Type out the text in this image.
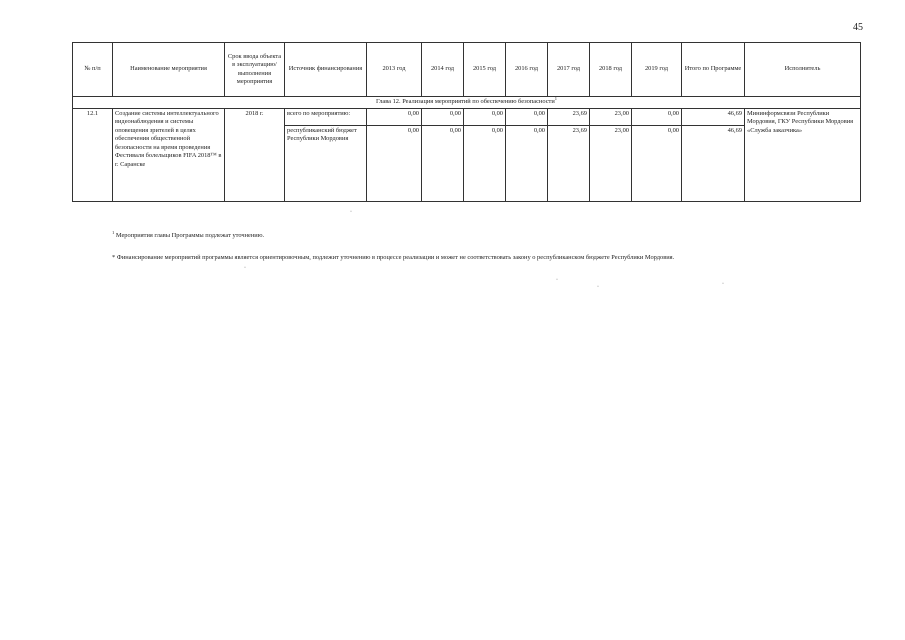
45
№ п/п	Наименование мероприятия	Срок ввода объекта в эксплуатацию/ выполнения мероприятия	Источник финансирования	2013 год	2014 год	2015 год	2016 год	2017 год	2018 год	2019 год	Итого по Программе	Исполнитель
Глава 12. Реализация мероприятий по обеспечению безопасности$^1$
12.1	Создание системы интеллектуального видеонаблюдения и системы оповещения зрителей в целях обеспечения общественной безопасности на время проведения Фестиваля болельщиков FIFA 2018™ в г. Саранске	2018 г.	всего по мероприятию:	0,00	0,00	0,00	0,00	23,69	23,00	0,00	46,69	Мининформсвязи Республики Мордовия, ГКУ Республики Мордовия «Служба заказчика»
			республиканский бюджет Республики Мордовия	0,00	0,00	0,00	0,00	23,69	23,00	0,00	46,69	
$^1$ Мероприятия главы Программы подлежат уточнению.
* Финансирование мероприятий программы является ориентировочным, подлежит уточнению в процессе реализации и может не соответствовать закону о республиканском бюджете Республики Мордовия.
·
·
·
·	·
